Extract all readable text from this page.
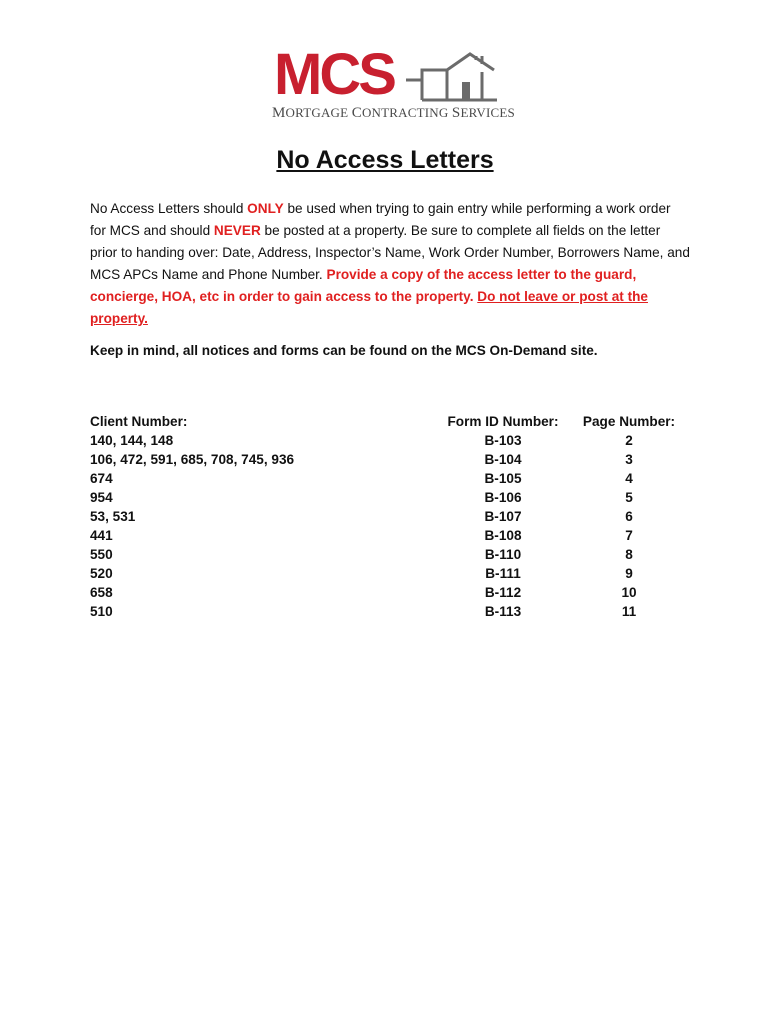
MCS
MORTGAGE CONTRACTING SERVICES
No Access Letters
No Access Letters should ONLY be used when trying to gain entry while performing a work order for MCS and should NEVER be posted at a property. Be sure to complete all fields on the letter prior to handing over: Date, Address, Inspector’s Name, Work Order Number, Borrowers Name, and MCS APCs Name and Phone Number. Provide a copy of the access letter to the guard, concierge, HOA, etc in order to gain access to the property. Do not leave or post at the property.
Keep in mind, all notices and forms can be found on the MCS On-Demand site.
Client Number:
140, 144, 148
106, 472, 591, 685, 708, 745, 936
674
954
53, 531
441
550
520
658
510
Form ID Number:
B-103
B-104
B-105
B-106
B-107
B-108
B-110
B-111
B-112
B-113
Page Number:
2
3
4
5
6
7
8
9
10
11
